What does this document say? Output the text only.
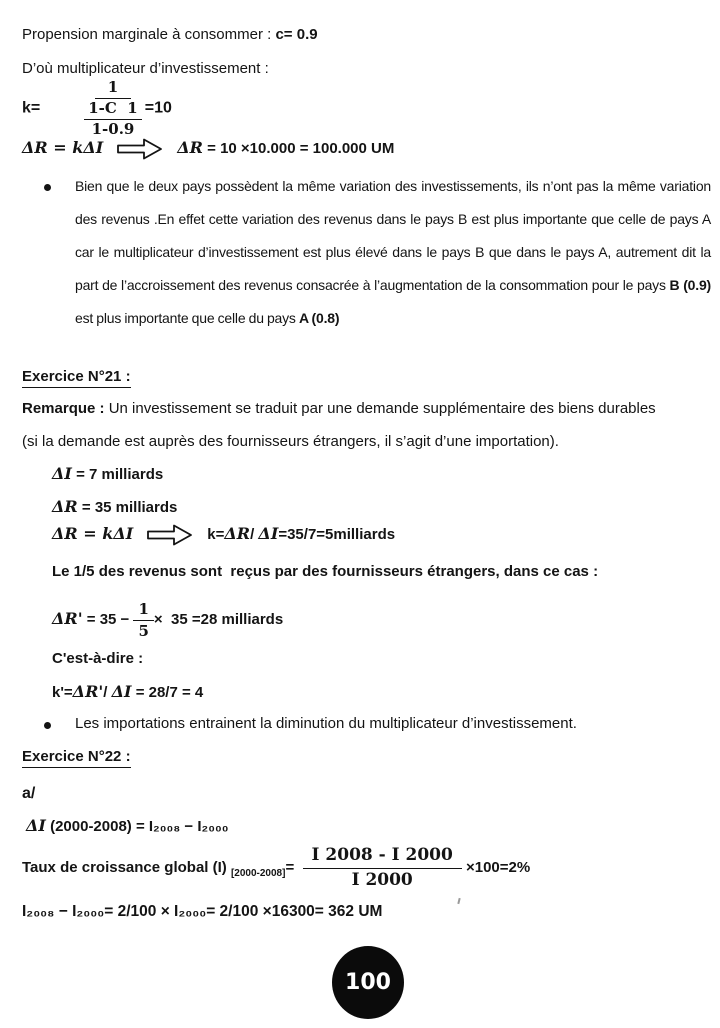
Propension marginale à consommer : c= 0.9
D’où multiplicateur d’investissement :
k=
1
1-C  1
1-0.9
=10
ΔR = kΔI	ΔR = 10 ×10.000 = 100.000 UM
Bien que le deux pays possèdent la même variation des investissements, ils n’ont pas la même variation des revenus .En effet cette variation des revenus dans le pays B est plus importante que celle de pays A car le multiplicateur d’investissement est plus élevé dans le pays B que dans le pays A, autrement dit la part de l’accroissement des revenus consacrée à l’augmentation de la consommation pour le pays B (0.9) est plus importante que celle du pays A (0.8)
Exercice N°21 :
Remarque : Un investissement se traduit par une demande supplémentaire des biens durables
(si la demande est auprès des fournisseurs étrangers, il s’agit d’une importation).
ΔI = 7 milliards
ΔR = 35 milliards
ΔR = kΔI	k=ΔR/ ΔI=35/7=5milliards
Le 1/5 des revenus sont  reçus par des fournisseurs étrangers, dans ce cas :
$\Delta R' = 35 - \frac{1}{5} \times 35 =28$ milliards
C'est-à-dire :
k'=ΔR'/ ΔI = 28/7 = 4
Les importations entrainent la diminution du multiplicateur d’investissement.
Exercice N°22 :
a/
ΔI (2000-2008) = I₂₀₀₈ − I₂₀₀₀
Taux de croissance global (I) $_{[2000-2008]}= \frac{I 2008 - I 2000}{I 2000} \times 100=2\%$
I₂₀₀₈ − I₂₀₀₀= 2/100 × I₂₀₀₀= 2/100 ×16300= 362 UM
100
